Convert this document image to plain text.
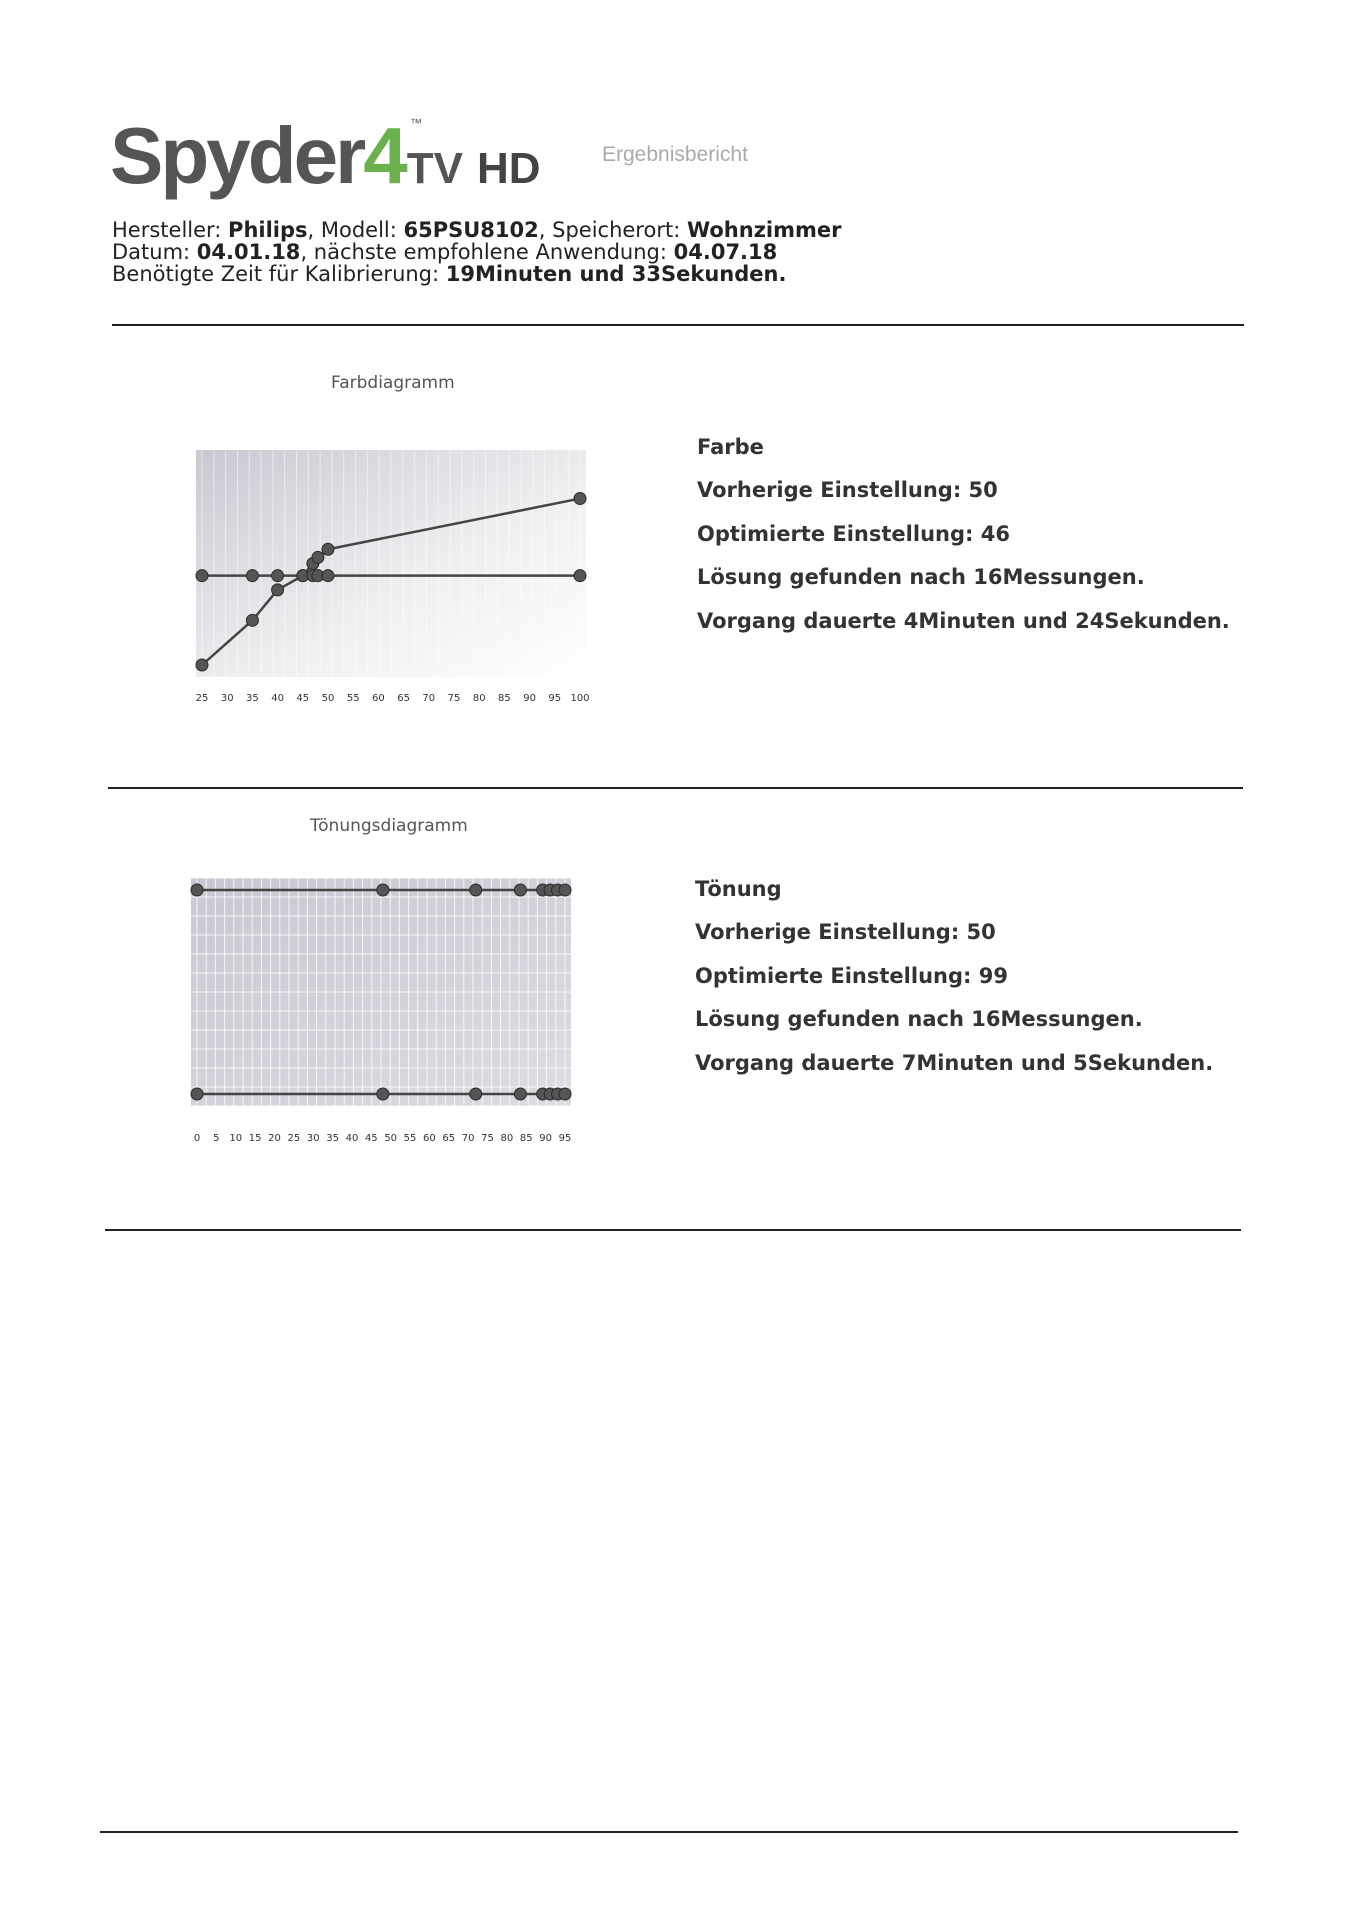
Spyder4 ™
TV HD	Ergebnisbericht
Hersteller: Philips, Modell: 65PSU8102, Speicherort: Wohnzimmer
Datum: 04.01.18, nächste empfohlene Anwendung: 04.07.18
Benötigte Zeit für Kalibrierung: 19Minuten und 33Sekunden.
Farbdiagramm
25 30 35 40 45 50 55 60 65 70 75 80 85 90 95 100
Farbe
Vorherige Einstellung: 50
Optimierte Einstellung: 46
Lösung gefunden nach 16Messungen.
Vorgang dauerte 4Minuten und 24Sekunden.
Tönungsdiagramm
0 5 10 15 20 25 30 35 40 45 50 55 60 65 70 75 80 85 90 95
Tönung
Vorherige Einstellung: 50
Optimierte Einstellung: 99
Lösung gefunden nach 16Messungen.
Vorgang dauerte 7Minuten und 5Sekunden.
